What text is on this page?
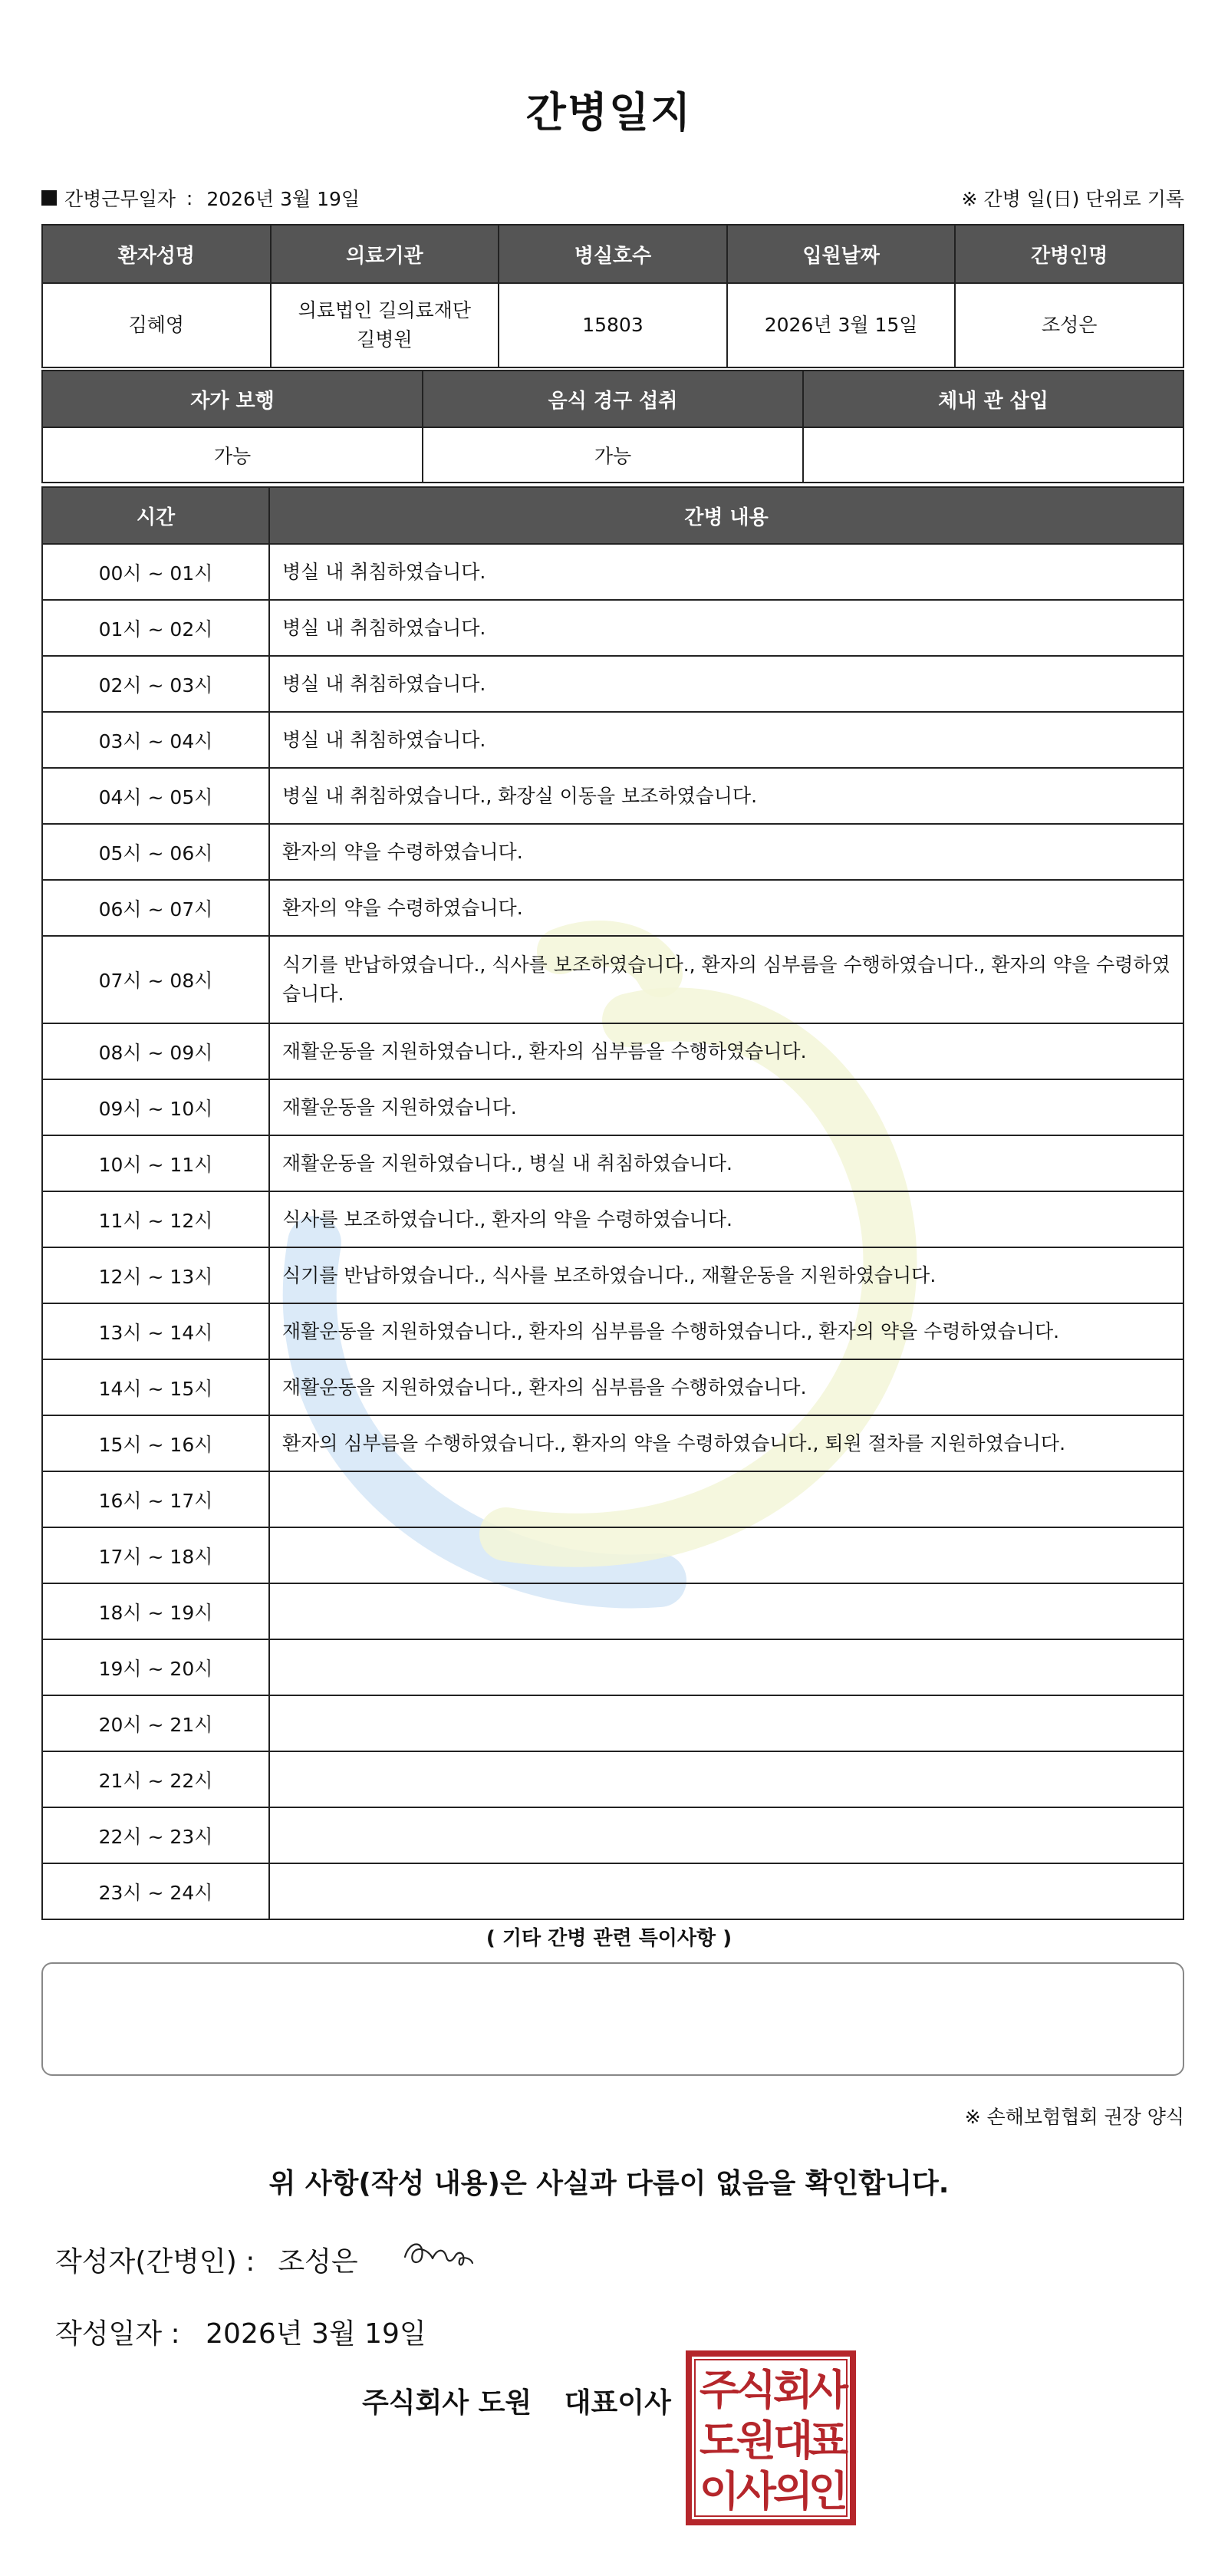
간병일지
간병근무일자 : 2026년 3월 19일	※ 간병 일(日) 단위로 기록
환자성명	의료기관	병실호수	입원날짜	간병인명
김혜영	의료법인 길의료재단 길병원	15803	2026년 3월 15일	조성은
자가 보행	음식 경구 섭취	체내 관 삽입
가능	가능	
시간	간병 내용
00시 ~ 01시	병실 내 취침하였습니다.
01시 ~ 02시	병실 내 취침하였습니다.
02시 ~ 03시	병실 내 취침하였습니다.
03시 ~ 04시	병실 내 취침하였습니다.
04시 ~ 05시	병실 내 취침하였습니다., 화장실 이동을 보조하였습니다.
05시 ~ 06시	환자의 약을 수령하였습니다.
06시 ~ 07시	환자의 약을 수령하였습니다.
07시 ~ 08시	식기를 반납하였습니다., 식사를 보조하였습니다., 환자의 심부름을 수행하였습니다., 환자의 약을 수령하였습니다.
08시 ~ 09시	재활운동을 지원하였습니다., 환자의 심부름을 수행하였습니다.
09시 ~ 10시	재활운동을 지원하였습니다.
10시 ~ 11시	재활운동을 지원하였습니다., 병실 내 취침하였습니다.
11시 ~ 12시	식사를 보조하였습니다., 환자의 약을 수령하였습니다.
12시 ~ 13시	식기를 반납하였습니다., 식사를 보조하였습니다., 재활운동을 지원하였습니다.
13시 ~ 14시	재활운동을 지원하였습니다., 환자의 심부름을 수행하였습니다., 환자의 약을 수령하였습니다.
14시 ~ 15시	재활운동을 지원하였습니다., 환자의 심부름을 수행하였습니다.
15시 ~ 16시	환자의 심부름을 수행하였습니다., 환자의 약을 수령하였습니다., 퇴원 절차를 지원하였습니다.
16시 ~ 17시	
17시 ~ 18시	
18시 ~ 19시	
19시 ~ 20시	
20시 ~ 21시	
21시 ~ 22시	
22시 ~ 23시	
23시 ~ 24시	
( 기타 간병 관련 특이사항 )
※ 손해보험협회 권장 양식
위 사항(작성 내용)은 사실과 다름이 없음을 확인합니다.
작성자(간병인) : 조성은
작성일자 : 2026년 3월 19일
주식회사 도원 대표이사 주
식
회
사
도
원
대
표
이
사
의
인
